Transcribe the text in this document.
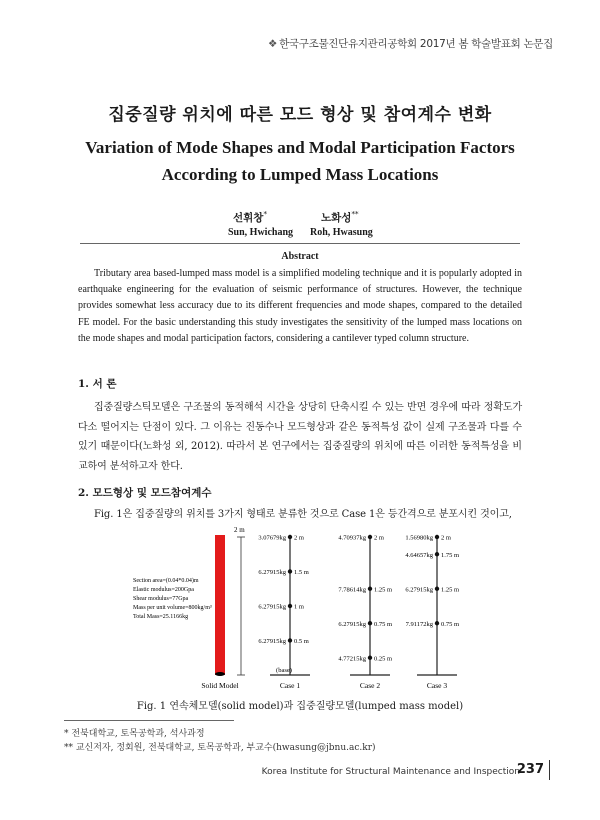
❖ 한국구조물진단유지관리공학회 2017년 봄 학술발표회 논문집
집중질량 위치에 따른 모드 형상 및 참여계수 변화
Variation of Mode Shapes and Modal Participation Factors
According to Lumped Mass Locations
선휘창*	노화성**
Sun, Hwichang Roh, Hwasung
Abstract
Tributary area based-lumped mass model is a simplified modeling technique and it is popularly adopted in earthquake engineering for the evaluation of seismic performance of structures. However, the technique provides somewhat less accuracy due to its different frequencies and mode shapes, compared to the detailed FE model. For the basic understanding this study investigates the sensitivity of the lumped mass locations on the mode shapes and modal participation factors, considering a cantilever typed column structure.
1. 서 론
집중질량스틱모델은 구조물의 동적해석 시간을 상당히 단축시킬 수 있는 반면 경우에 따라 정확도가 다소 떨어지는 단점이 있다. 그 이유는 진동수나 모드형상과 같은 동적특성 값이 실제 구조물과 다를 수 있기 때문이다(노화성 외, 2012). 따라서 본 연구에서는 집중질량의 위치에 따른 이러한 동적특성을 비교하여 분석하고자 한다.
2. 모드형상 및 모드참여계수
Fig. 1은 집중질량의 위치를 3가지 형태로 분류한 것으로 Case 1은 등간격으로 분포시킨 것이고,
2 m
Section area=(0.04*0.04)m
Elastic modulus=200Gpa
Shear modulus=77Gpa
Mass per unit volume=800kg/m³
Total Mass=25.1166kg
Solid Model
3.07679kg 2 m
6.27915kg 1.5 m
6.27915kg 1 m
6.27915kg 0.5 m
(base)
Case 1
4.70937kg 2 m
7.78614kg 1.25 m
6.27915kg 0.75 m
4.77215kg 0.25 m
Case 2
1.56980kg 2 m
4.64657kg 1.75 m
6.27915kg 1.25 m
7.91172kg 0.75 m
Case 3
Fig. 1 연속체모델(solid model)과 집중질량모델(lumped mass model)
* 전북대학교, 토목공학과, 석사과정
** 교신저자, 정회원, 전북대학교, 토목공학과, 부교수(hwasung@jbnu.ac.kr)
Korea Institute for Structural Maintenance and Inspection
237
